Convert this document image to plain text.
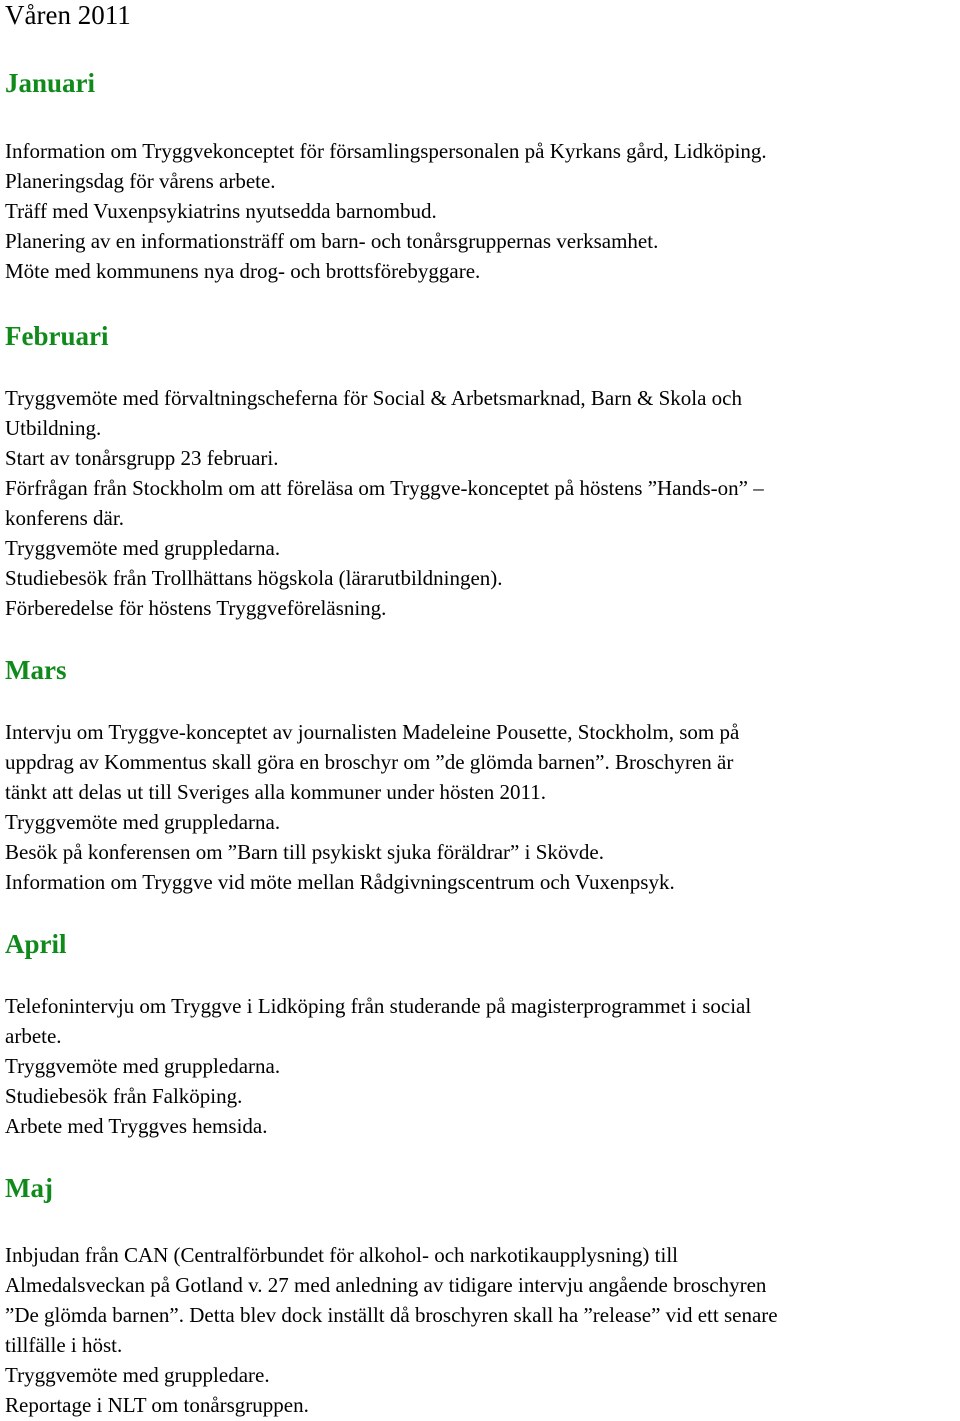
Våren 2011
Januari

Information om Tryggvekonceptet för församlingspersonalen på Kyrkans gård, Lidköping.

Planeringsdag för vårens arbete.

Träff med Vuxenpsykiatrins nyutsedda barnombud.

Planering av en informationsträff om barn- och tonårsgruppernas verksamhet.

Möte med kommunens nya drog- och brottsförebyggare.

Februari

Tryggvemöte med förvaltningscheferna för Social & Arbetsmarknad, Barn & Skola och

Utbildning.

Start av tonårsgrupp 23 februari.

Förfrågan från Stockholm om att föreläsa om Tryggve-konceptet på höstens ”Hands-on” –

konferens där.

Tryggvemöte med gruppledarna.

Studiebesök från Trollhättans högskola (lärarutbildningen).

Förberedelse för höstens Tryggveföreläsning.

Mars

Intervju om Tryggve-konceptet av journalisten Madeleine Pousette, Stockholm, som på

uppdrag av Kommentus skall göra en broschyr om ”de glömda barnen”. Broschyren är

tänkt att delas ut till Sveriges alla kommuner under hösten 2011.

Tryggvemöte med gruppledarna.

Besök på konferensen om ”Barn till psykiskt sjuka föräldrar” i Skövde.

Information om Tryggve vid möte mellan Rådgivningscentrum och Vuxenpsyk.

April

Telefonintervju om Tryggve i Lidköping från studerande på magisterprogrammet i social

arbete.

Tryggvemöte med gruppledarna.

Studiebesök från Falköping.

Arbete med Tryggves hemsida.

Maj

Inbjudan från CAN (Centralförbundet för alkohol- och narkotikaupplysning) till

Almedalsveckan på Gotland v. 27 med anledning av tidigare intervju angående broschyren

”De glömda barnen”. Detta blev dock inställt då broschyren skall ha ”release” vid ett senare

tillfälle i höst.

Tryggvemöte med gruppledare.

Reportage i NLT om tonårsgruppen.
